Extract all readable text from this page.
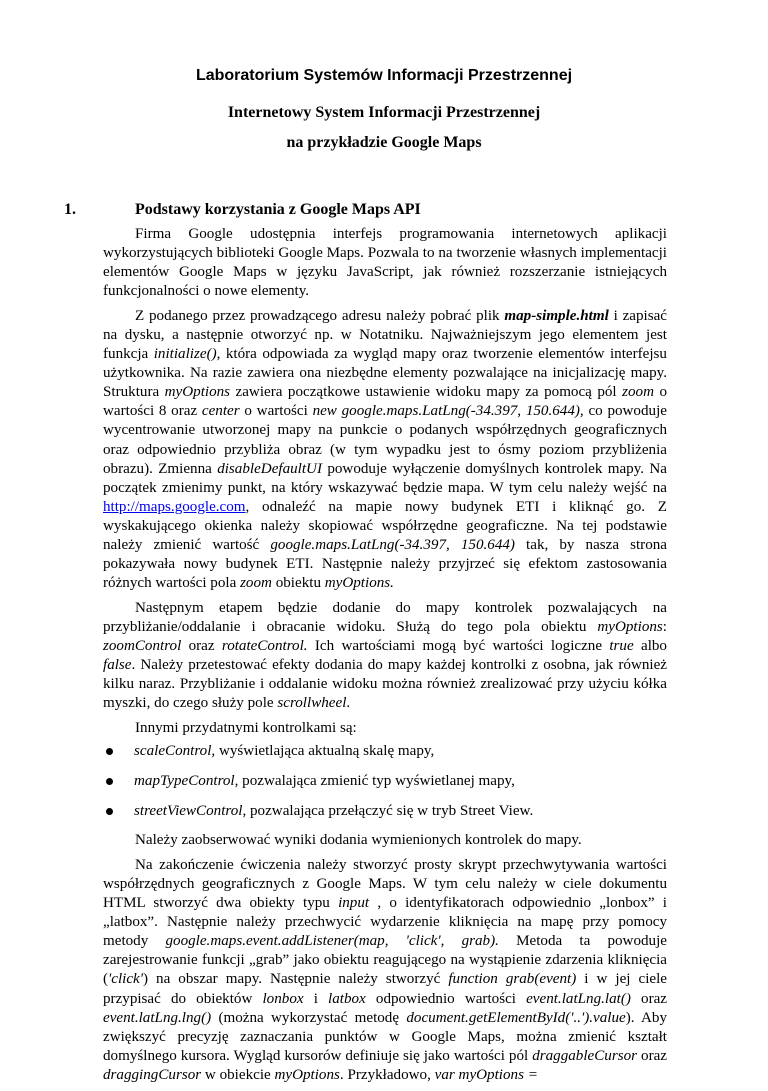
Laboratorium Systemów Informacji Przestrzennej
Internetowy System Informacji Przestrzennej
na przykładzie Google Maps
1.	Podstawy korzystania z Google Maps API

Firma Google udostępnia interfejs programowania internetowych aplikacji wykorzystujących biblioteki Google Maps. Pozwala to na tworzenie własnych implementacji elementów Google Maps w języku JavaScript, jak również rozszerzanie istniejących funkcjonalności o nowe elementy.

Z podanego przez prowadzącego adresu należy pobrać plik map-simple.html i zapisać na dysku, a następnie otworzyć np. w Notatniku. Najważniejszym jego elementem jest funkcja initialize(), która odpowiada za wygląd mapy oraz tworzenie elementów interfejsu użytkownika. Na razie zawiera ona niezbędne elementy pozwalające na inicjalizację mapy. Struktura myOptions zawiera początkowe ustawienie widoku mapy za pomocą pól zoom o wartości 8 oraz center o wartości new google.maps.LatLng(-34.397, 150.644), co powoduje wycentrowanie utworzonej mapy na punkcie o podanych współrzędnych geograficznych oraz odpowiednio przybliża obraz (w tym wypadku jest to ósmy poziom przybliżenia obrazu). Zmienna disableDefaultUI powoduje wyłączenie domyślnych kontrolek mapy. Na początek zmienimy punkt, na który wskazywać będzie mapa. W tym celu należy wejść na http://maps.google.com, odnaleźć na mapie nowy budynek ETI i kliknąć go. Z wyskakującego okienka należy skopiować współrzędne geograficzne. Na tej podstawie należy zmienić wartość google.maps.LatLng(-34.397, 150.644) tak, by nasza strona pokazywała nowy budynek ETI. Następnie należy przyjrzeć się efektom zastosowania różnych wartości pola zoom obiektu myOptions.

Następnym etapem będzie dodanie do mapy kontrolek pozwalających na przybliżanie/oddalanie i obracanie widoku. Służą do tego pola obiektu myOptions: zoomControl oraz rotateControl. Ich wartościami mogą być wartości logiczne true albo false. Należy przetestować efekty dodania do mapy każdej kontrolki z osobna, jak również kilku naraz. Przybliżanie i oddalanie widoku można również zrealizować przy użyciu kółka myszki, do czego służy pole scrollwheel.

Innymi przydatnymi kontrolkami są:

scaleControl, wyświetlająca aktualną skalę mapy,
mapTypeControl, pozwalająca zmienić typ wyświetlanej mapy,
streetViewControl, pozwalająca przełączyć się w tryb Street View.

Należy zaobserwować wyniki dodania wymienionych kontrolek do mapy.

Na zakończenie ćwiczenia należy stworzyć prosty skrypt przechwytywania wartości współrzędnych geograficznych z Google Maps. W tym celu należy w ciele dokumentu HTML stworzyć dwa obiekty typu input , o identyfikatorach odpowiednio „lonbox” i „latbox”. Następnie należy przechwycić wydarzenie kliknięcia na mapę przy pomocy metody google.maps.event.addListener(map, 'click', grab). Metoda ta powoduje zarejestrowanie funkcji „grab” jako obiektu reagującego na wystąpienie zdarzenia kliknięcia ('click') na obszar mapy. Następnie należy stworzyć function grab(event) i w jej ciele przypisać do obiektów lonbox i latbox odpowiednio wartości event.latLng.lat() oraz event.latLng.lng() (można wykorzystać metodę document.getElementById('..').value). Aby zwiększyć precyzję zaznaczania punktów w Google Maps, można zmienić kształt domyślnego kursora. Wygląd kursorów definiuje się jako wartości pól draggableCursor oraz draggingCursor w obiekcie myOptions. Przykładowo, var myOptions =
